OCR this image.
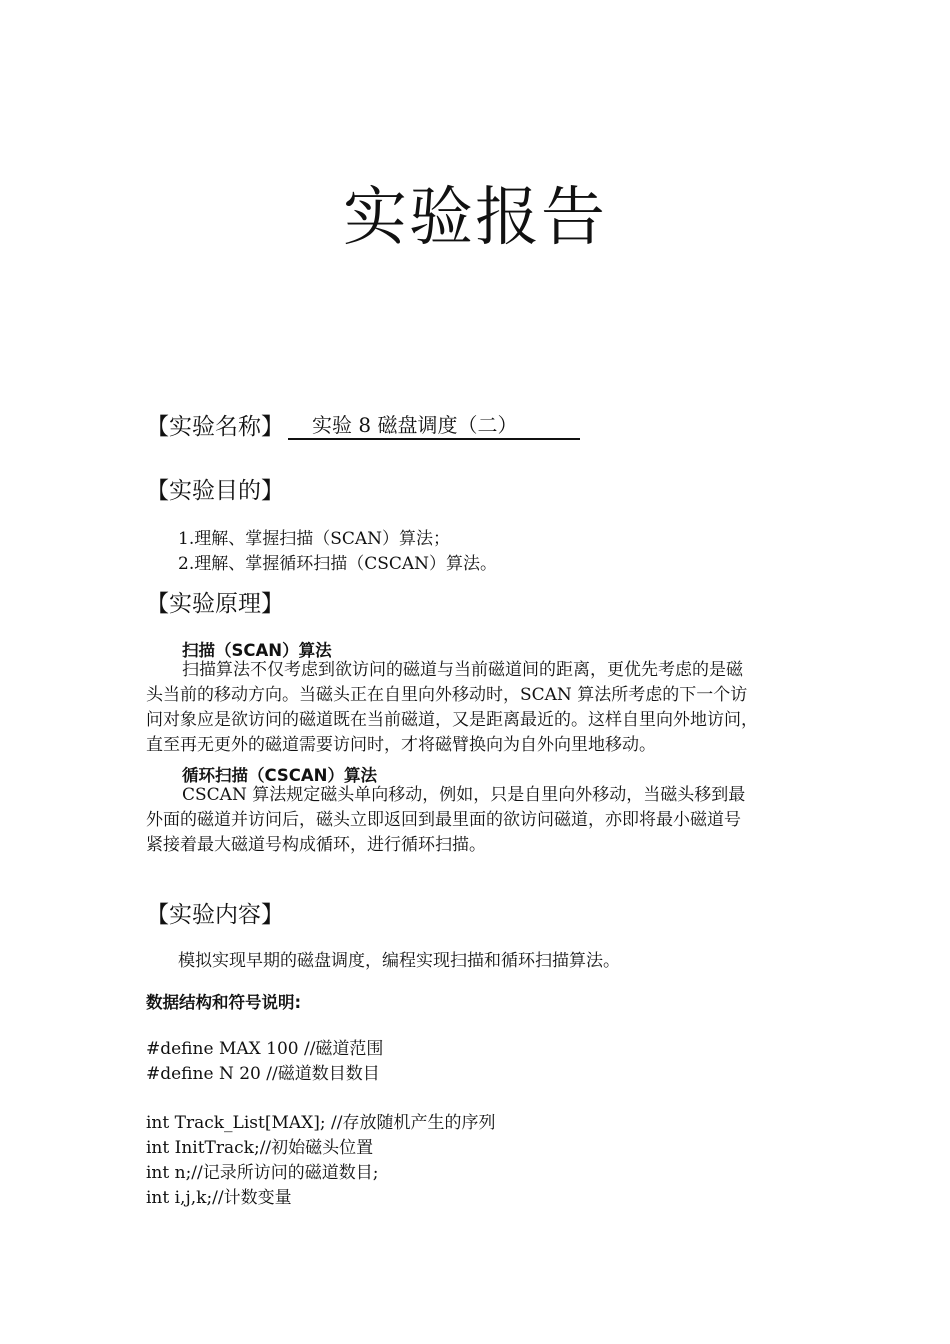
实验报告
【实验名称】	实验 8 磁盘调度（二）
【实验目的】
1.理解、掌握扫描（SCAN）算法；
2.理解、掌握循环扫描（CSCAN）算法。
【实验原理】
扫描（SCAN）算法
扫描算法不仅考虑到欲访问的磁道与当前磁道间的距离，更优先考虑的是磁
头当前的移动方向。当磁头正在自里向外移动时，SCAN 算法所考虑的下一个访
问对象应是欲访问的磁道既在当前磁道，又是距离最近的。这样自里向外地访问，
直至再无更外的磁道需要访问时，才将磁臂换向为自外向里地移动。
循环扫描（CSCAN）算法
CSCAN 算法规定磁头单向移动，例如，只是自里向外移动，当磁头移到最
外面的磁道并访问后，磁头立即返回到最里面的欲访问磁道，亦即将最小磁道号
紧接着最大磁道号构成循环，进行循环扫描。
【实验内容】
模拟实现早期的磁盘调度，编程实现扫描和循环扫描算法。
数据结构和符号说明:
#define MAX 100 //磁道范围
#define N 20 //磁道数目数目
int Track_List[MAX]; //存放随机产生的序列
int InitTrack;//初始磁头位置
int n;//记录所访问的磁道数目;
int i,j,k;//计数变量
